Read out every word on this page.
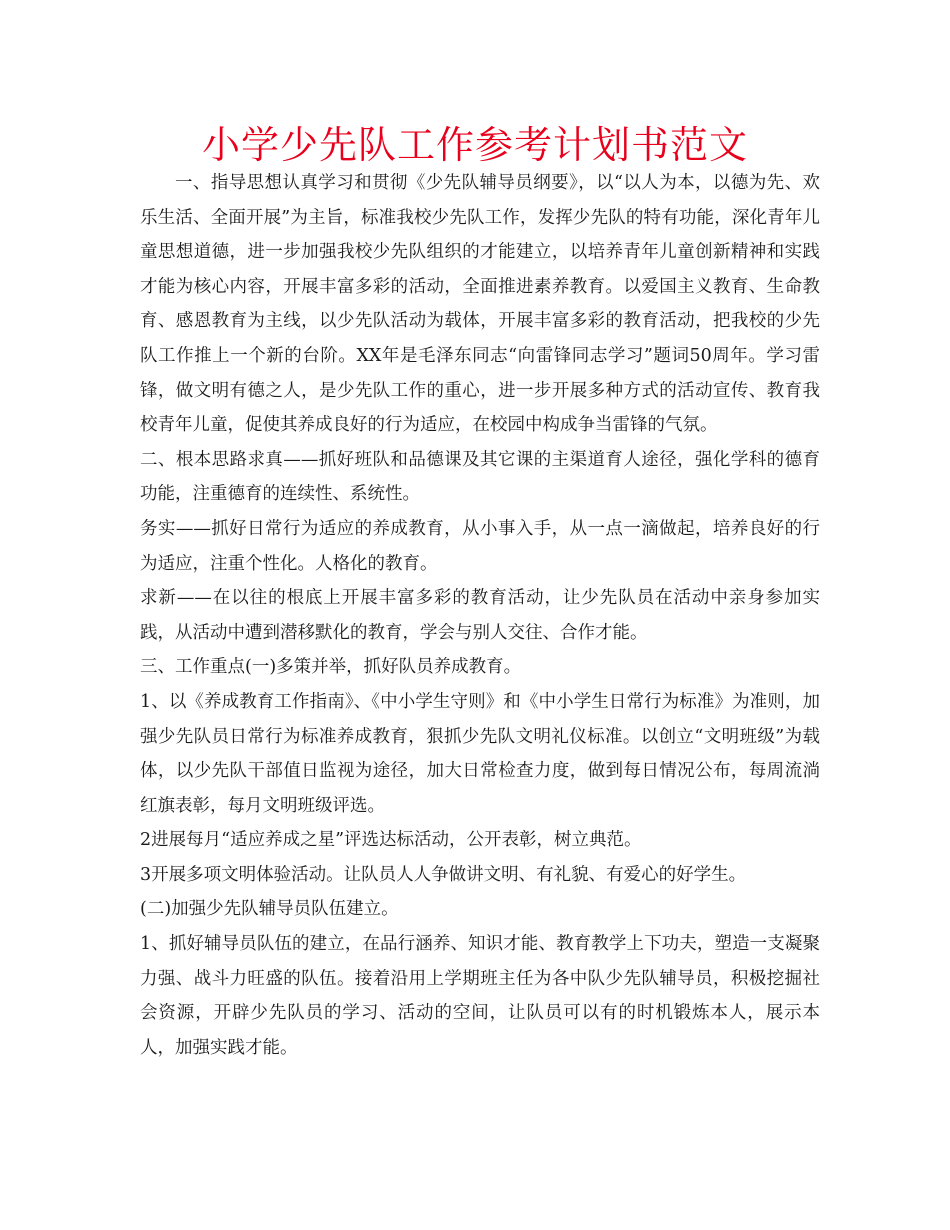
小学少先队工作参考计划书范文

一、指导思想认真学习和贯彻《少先队辅导员纲要》，以“以人为本，以德为先、欢乐生活、全面开展”为主旨，标准我校少先队工作，发挥少先队的特有功能，深化青年儿童思想道德，进一步加强我校少先队组织的才能建立，以培养青年儿童创新精神和实践才能为核心内容，开展丰富多彩的活动，全面推进素养教育。以爱国主义教育、生命教育、感恩教育为主线，以少先队活动为载体，开展丰富多彩的教育活动，把我校的少先队工作推上一个新的台阶。XX年是毛泽东同志“向雷锋同志学习”题词50周年。学习雷锋，做文明有德之人，是少先队工作的重心，进一步开展多种方式的活动宣传、教育我校青年儿童，促使其养成良好的行为适应，在校园中构成争当雷锋的气氛。

二、根本思路求真——抓好班队和品德课及其它课的主渠道育人途径，强化学科的德育功能，注重德育的连续性、系统性。

务实——抓好日常行为适应的养成教育，从小事入手，从一点一滴做起，培养良好的行为适应，注重个性化。人格化的教育。

求新——在以往的根底上开展丰富多彩的教育活动，让少先队员在活动中亲身参加实践，从活动中遭到潜移默化的教育，学会与别人交往、合作才能。

三、工作重点(一)多策并举，抓好队员养成教育。

1、以《养成教育工作指南》、《中小学生守则》和《中小学生日常行为标准》为准则，加强少先队员日常行为标准养成教育，狠抓少先队文明礼仪标准。以创立“文明班级”为载体，以少先队干部值日监视为途径，加大日常检查力度，做到每日情况公布，每周流淌红旗表彰，每月文明班级评选。

2进展每月“适应养成之星”评选达标活动，公开表彰，树立典范。

3开展多项文明体验活动。让队员人人争做讲文明、有礼貌、有爱心的好学生。

(二)加强少先队辅导员队伍建立。

1、抓好辅导员队伍的建立，在品行涵养、知识才能、教育教学上下功夫，塑造一支凝聚力强、战斗力旺盛的队伍。接着沿用上学期班主任为各中队少先队辅导员，积极挖掘社会资源，开辟少先队员的学习、活动的空间，让队员可以有的时机锻炼本人，展示本人，加强实践才能。
